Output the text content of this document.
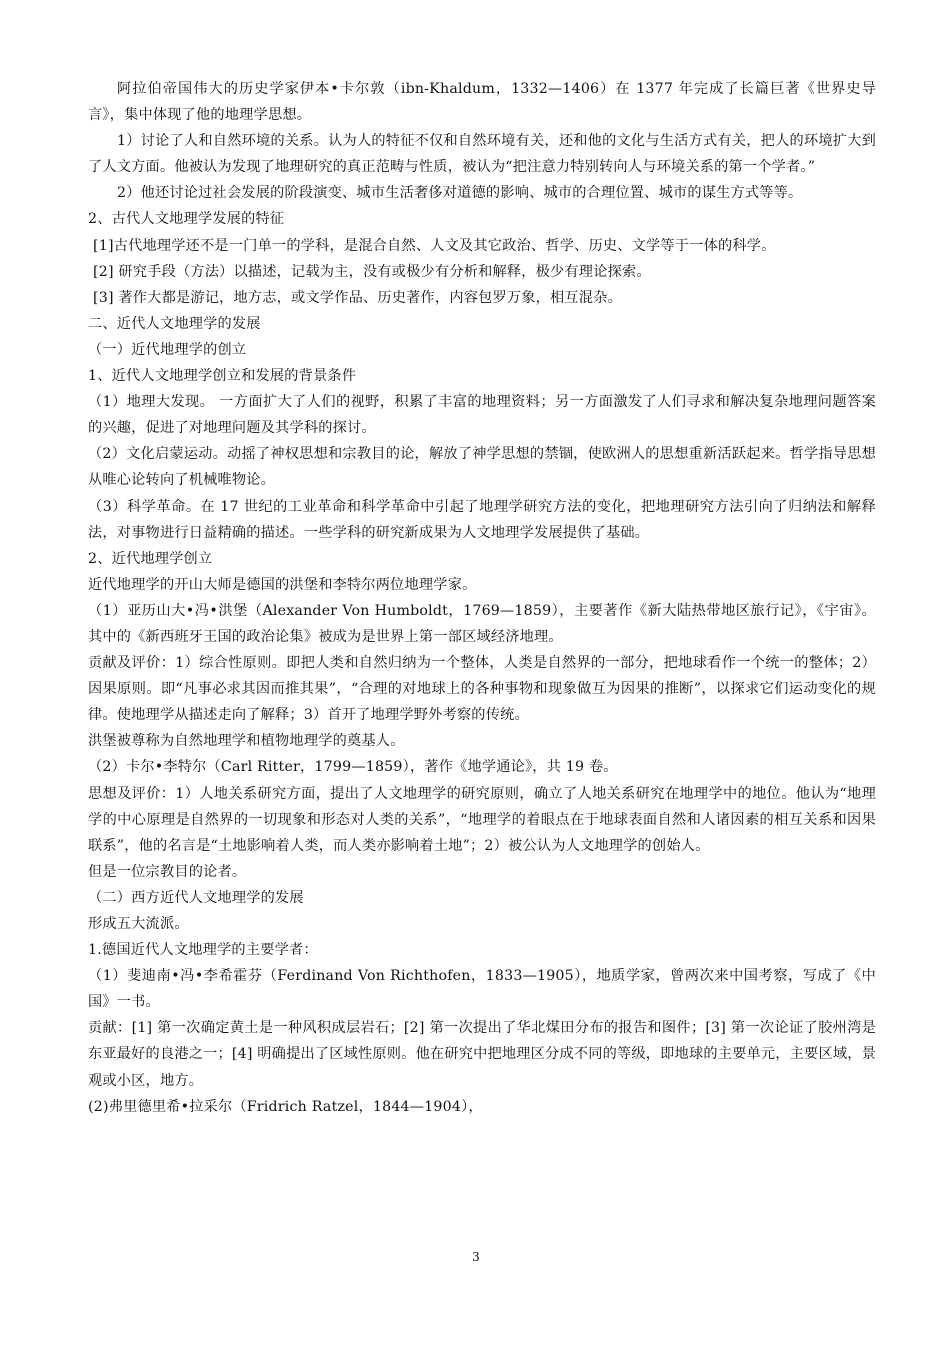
阿拉伯帝国伟大的历史学家伊本•卡尔敦（ibn-Khaldum，1332—1406）在 1377 年完成了长篇巨著《世界史导言》，集中体现了他的地理学思想。

1）讨论了人和自然环境的关系。认为人的特征不仅和自然环境有关，还和他的文化与生活方式有关，把人的环境扩大到了人文方面。他被认为发现了地理研究的真正范畴与性质，被认为“把注意力特别转向人与环境关系的第一个学者。”

2）他还讨论过社会发展的阶段演变、城市生活奢侈对道德的影响、城市的合理位置、城市的谋生方式等等。

2、古代人文地理学发展的特征

[1]古代地理学还不是一门单一的学科，是混合自然、人文及其它政治、哲学、历史、文学等于一体的科学。

[2] 研究手段（方法）以描述，记载为主，没有或极少有分析和解释，极少有理论探索。

[3] 著作大都是游记，地方志，或文学作品、历史著作，内容包罗万象，相互混杂。

二、近代人文地理学的发展

（一）近代地理学的创立

1、近代人文地理学创立和发展的背景条件

（1）地理大发现。 一方面扩大了人们的视野，积累了丰富的地理资料；另一方面激发了人们寻求和解决复杂地理问题答案的兴趣，促进了对地理问题及其学科的探讨。

（2）文化启蒙运动。动摇了神权思想和宗教目的论，解放了神学思想的禁锢，使欧洲人的思想重新活跃起来。哲学指导思想从唯心论转向了机械唯物论。

（3）科学革命。在 17 世纪的工业革命和科学革命中引起了地理学研究方法的变化，把地理研究方法引向了归纳法和解释法，对事物进行日益精确的描述。一些学科的研究新成果为人文地理学发展提供了基础。

2、近代地理学创立

近代地理学的开山大师是德国的洪堡和李特尔两位地理学家。

（1）亚历山大•冯•洪堡（Alexander Von Humboldt，1769—1859），主要著作《新大陆热带地区旅行记》，《宇宙》。其中的《新西班牙王国的政治论集》被成为是世界上第一部区域经济地理。

贡献及评价：1）综合性原则。即把人类和自然归纳为一个整体，人类是自然界的一部分，把地球看作一个统一的整体；2）因果原则。即“凡事必求其因而推其果”，“合理的对地球上的各种事物和现象做互为因果的推断”，以探求它们运动变化的规律。使地理学从描述走向了解释；3）首开了地理学野外考察的传统。

洪堡被尊称为自然地理学和植物地理学的奠基人。

（2）卡尔•李特尔（Carl Ritter，1799—1859），著作《地学通论》，共 19 卷。

思想及评价：1）人地关系研究方面，提出了人文地理学的研究原则，确立了人地关系研究在地理学中的地位。他认为“地理学的中心原理是自然界的一切现象和形态对人类的关系”，“地理学的着眼点在于地球表面自然和人诸因素的相互关系和因果联系”，他的名言是“土地影响着人类，而人类亦影响着土地”；2）被公认为人文地理学的创始人。

但是一位宗教目的论者。

（二）西方近代人文地理学的发展

形成五大流派。

1.德国近代人文地理学的主要学者：

（1）斐迪南•冯•李希霍芬（Ferdinand Von Richthofen，1833—1905），地质学家，曾两次来中国考察，写成了《中国》一书。

贡献：[1] 第一次确定黄土是一种风积成层岩石；[2] 第一次提出了华北煤田分布的报告和图件；[3] 第一次论证了胶州湾是东亚最好的良港之一；[4] 明确提出了区域性原则。他在研究中把地理区分成不同的等级，即地球的主要单元，主要区域，景观或小区，地方。

(2)弗里德里希•拉采尔（Fridrich Ratzel，1844—1904），

3
